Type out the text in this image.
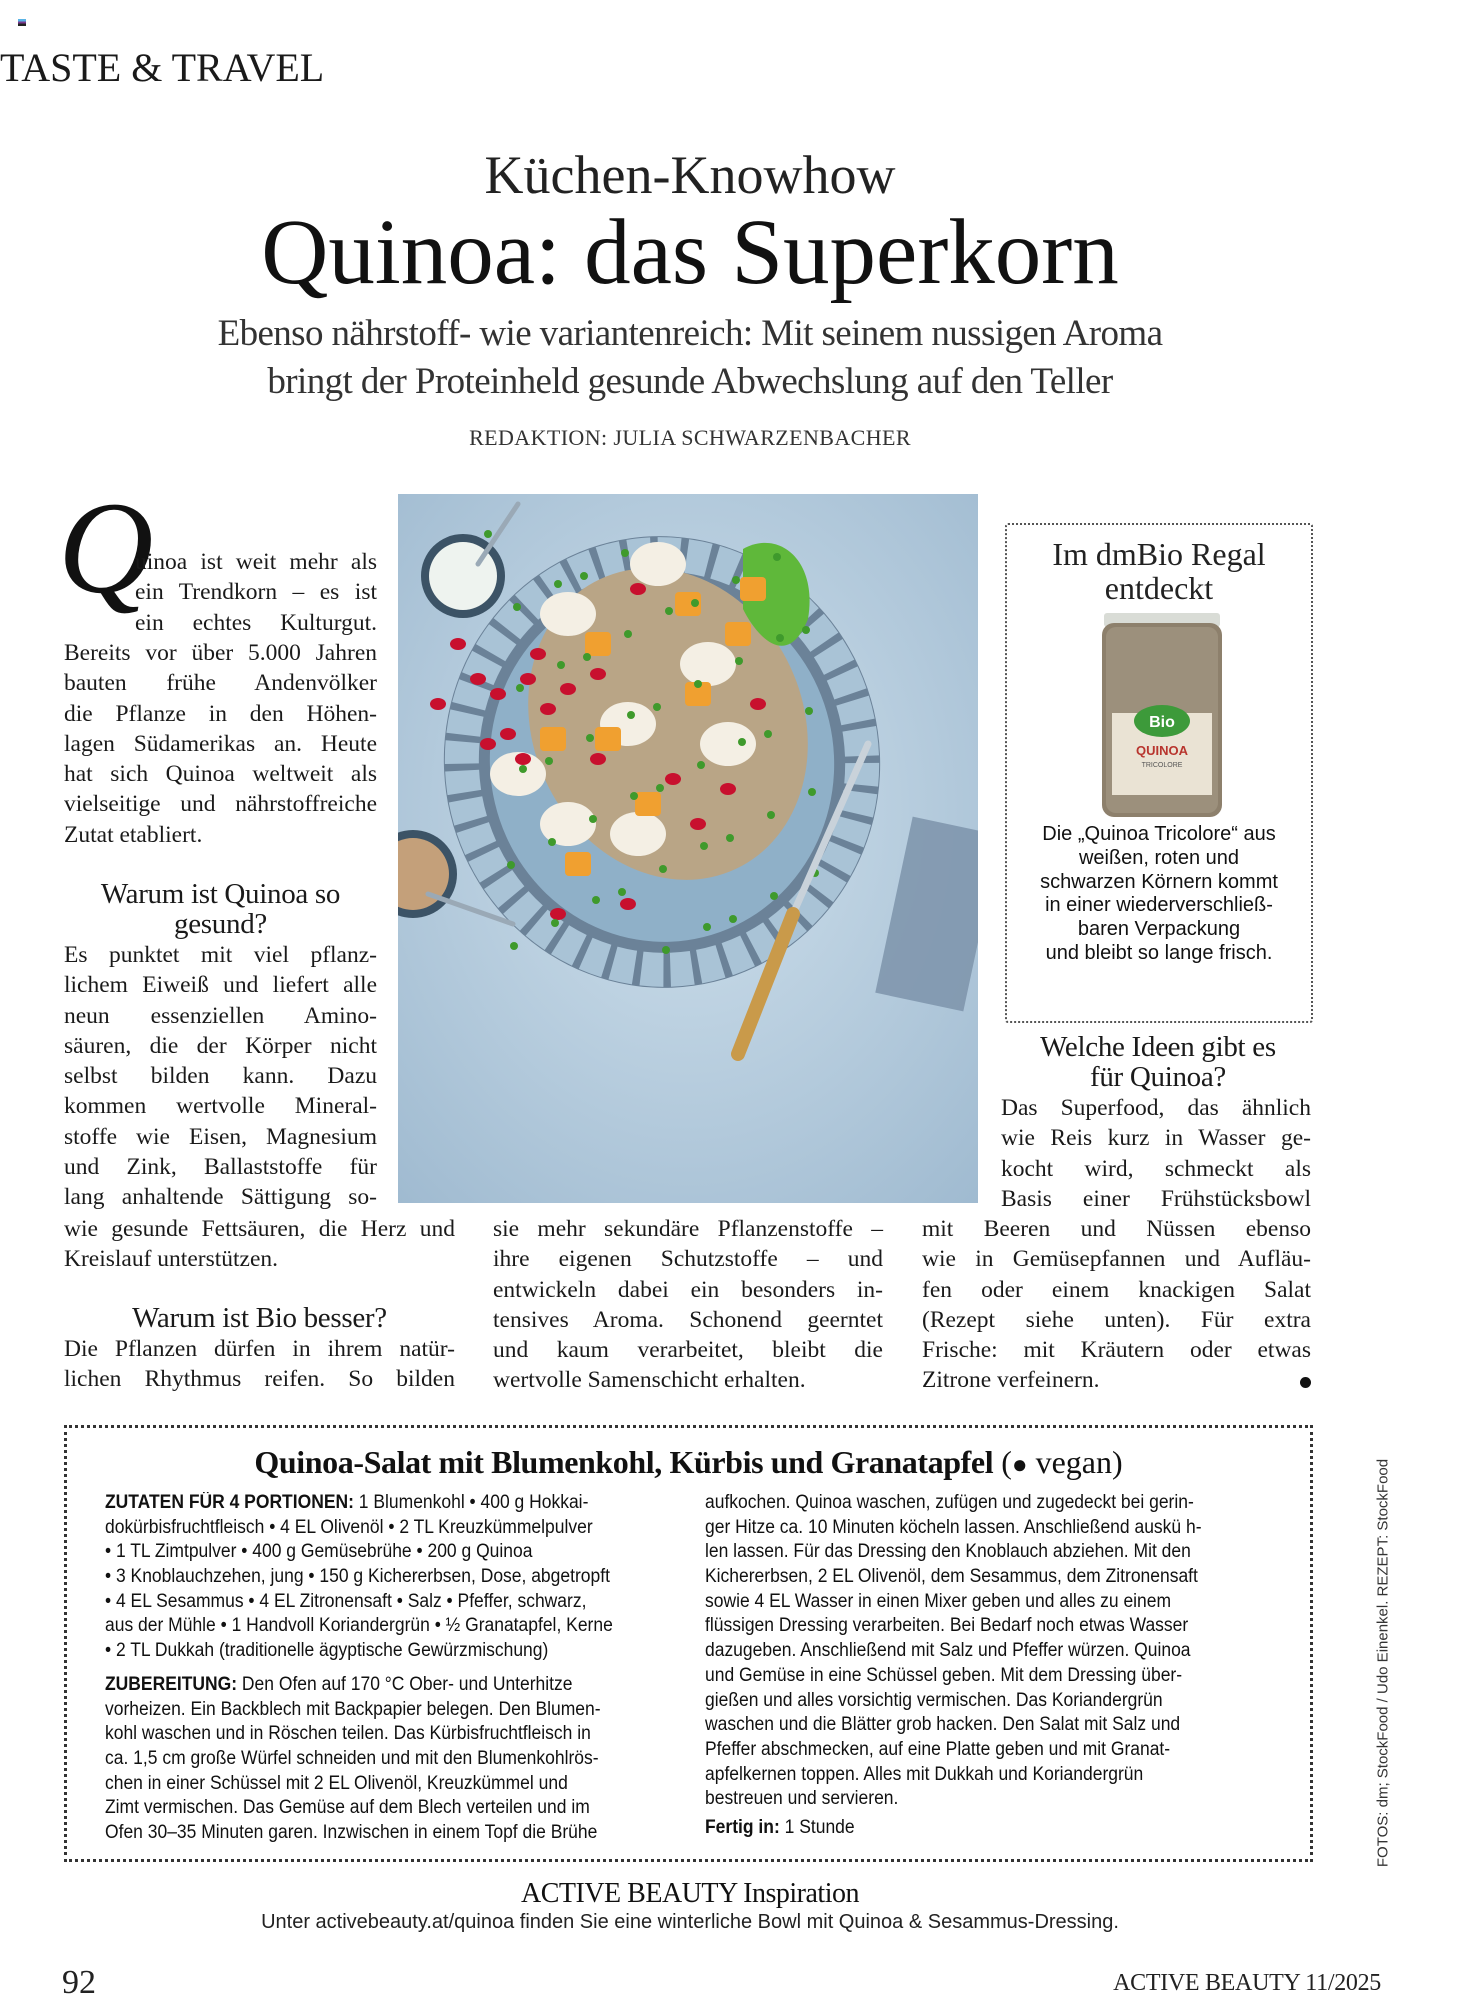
TASTE & TRAVEL
Küchen-Knowhow
Quinoa: das Superkorn
Ebenso nährstoff- wie variantenreich: Mit seinem nussigen Aroma
bringt der Proteinheld gesunde Abwechslung auf den Teller
REDAKTION: JULIA SCHWARZENBACHER
Q
uinoa ist weit mehr als
ein Trendkorn – es ist
ein echtes Kulturgut.
Bereits vor über 5.000 Jahren
bauten frühe Andenvölker
die Pflanze in den Höhen-
lagen Südamerikas an. Heute
hat sich Quinoa weltweit als
vielseitige und nährstoffreiche
Zutat etabliert.
Warum ist Quinoa so
gesund?
Es punktet mit viel pflanz-
lichem Eiweiß und liefert alle
neun essenziellen Amino-
säuren, die der Körper nicht
selbst bilden kann. Dazu
kommen wertvolle Mineral-
stoffe wie Eisen, Magnesium
und Zink, Ballaststoffe für
lang anhaltende Sättigung so-
wie gesunde Fettsäuren, die Herz und
Kreislauf unterstützen.
Warum ist Bio besser?
Die Pflanzen dürfen in ihrem natür-
lichen Rhythmus reifen. So bilden
sie mehr sekundäre Pflanzenstoffe –
ihre eigenen Schutzstoffe – und
entwickeln dabei ein besonders in-
tensives Aroma. Schonend geerntet
und kaum verarbeitet, bleibt die
wertvolle Samenschicht erhalten.
Im dmBio Regal
entdeckt
Bio
QUINOA
TRICOLORE
Die „Quinoa Tricolore“ aus
weißen, roten und
schwarzen Körnern kommt
in einer wiederverschließ-
baren Verpackung
und bleibt so lange frisch.
Welche Ideen gibt es
für Quinoa?
Das Superfood, das ähnlich
wie Reis kurz in Wasser ge-
kocht wird, schmeckt als
Basis einer Frühstücksbowl
mit Beeren und Nüssen ebenso
wie in Gemüsepfannen und Aufläu-
fen oder einem knackigen Salat
(Rezept siehe unten). Für extra
Frische: mit Kräutern oder etwas
Zitrone verfeinern.
Quinoa-Salat mit Blumenkohl, Kürbis und Granatapfel (● vegan)
ZUTATEN FÜR 4 PORTIONEN: 1 Blumenkohl • 400 g Hokkai-
dokürbisfruchtfleisch • 4 EL Olivenöl • 2 TL Kreuzkümmelpulver
• 1 TL Zimtpulver • 400 g Gemüsebrühe • 200 g Quinoa
• 3 Knoblauchzehen, jung • 150 g Kichererbsen, Dose, abgetropft
• 4 EL Sesammus • 4 EL Zitronensaft • Salz • Pfeffer, schwarz,
aus der Mühle • 1 Handvoll Koriandergrün • ½ Granatapfel, Kerne
• 2 TL Dukkah (traditionelle ägyptische Gewürzmischung)
ZUBEREITUNG: Den Ofen auf 170 °C Ober- und Unterhitze
vorheizen. Ein Backblech mit Backpapier belegen. Den Blumen-
kohl waschen und in Röschen teilen. Das Kürbisfruchtfleisch in
ca. 1,5 cm große Würfel schneiden und mit den Blumenkohlrös-
chen in einer Schüssel mit 2 EL Olivenöl, Kreuzkümmel und
Zimt vermischen. Das Gemüse auf dem Blech verteilen und im
Ofen 30–35 Minuten garen. Inzwischen in einem Topf die Brühe
aufkochen. Quinoa waschen, zufügen und zugedeckt bei gerin-
ger Hitze ca. 10 Minuten köcheln lassen. Anschließend auskü h-
len lassen. Für das Dressing den Knoblauch abziehen. Mit den
Kichererbsen, 2 EL Olivenöl, dem Sesammus, dem Zitronensaft
sowie 4 EL Wasser in einen Mixer geben und alles zu einem
flüssigen Dressing verarbeiten. Bei Bedarf noch etwas Wasser
dazugeben. Anschließend mit Salz und Pfeffer würzen. Quinoa
und Gemüse in eine Schüssel geben. Mit dem Dressing über-
gießen und alles vorsichtig vermischen. Das Koriandergrün
waschen und die Blätter grob hacken. Den Salat mit Salz und
Pfeffer abschmecken, auf eine Platte geben und mit Granat-
apfelkernen toppen. Alles mit Dukkah und Koriandergrün
bestreuen und servieren.
Fertig in: 1 Stunde
ACTIVE BEAUTY Inspiration
Unter activebeauty.at/quinoa finden Sie eine winterliche Bowl mit Quinoa & Sesammus-Dressing.
92	ACTIVE BEAUTY 11/2025
FOTOS: dm; StockFood / Udo Einenkel. REZEPT: StockFood
